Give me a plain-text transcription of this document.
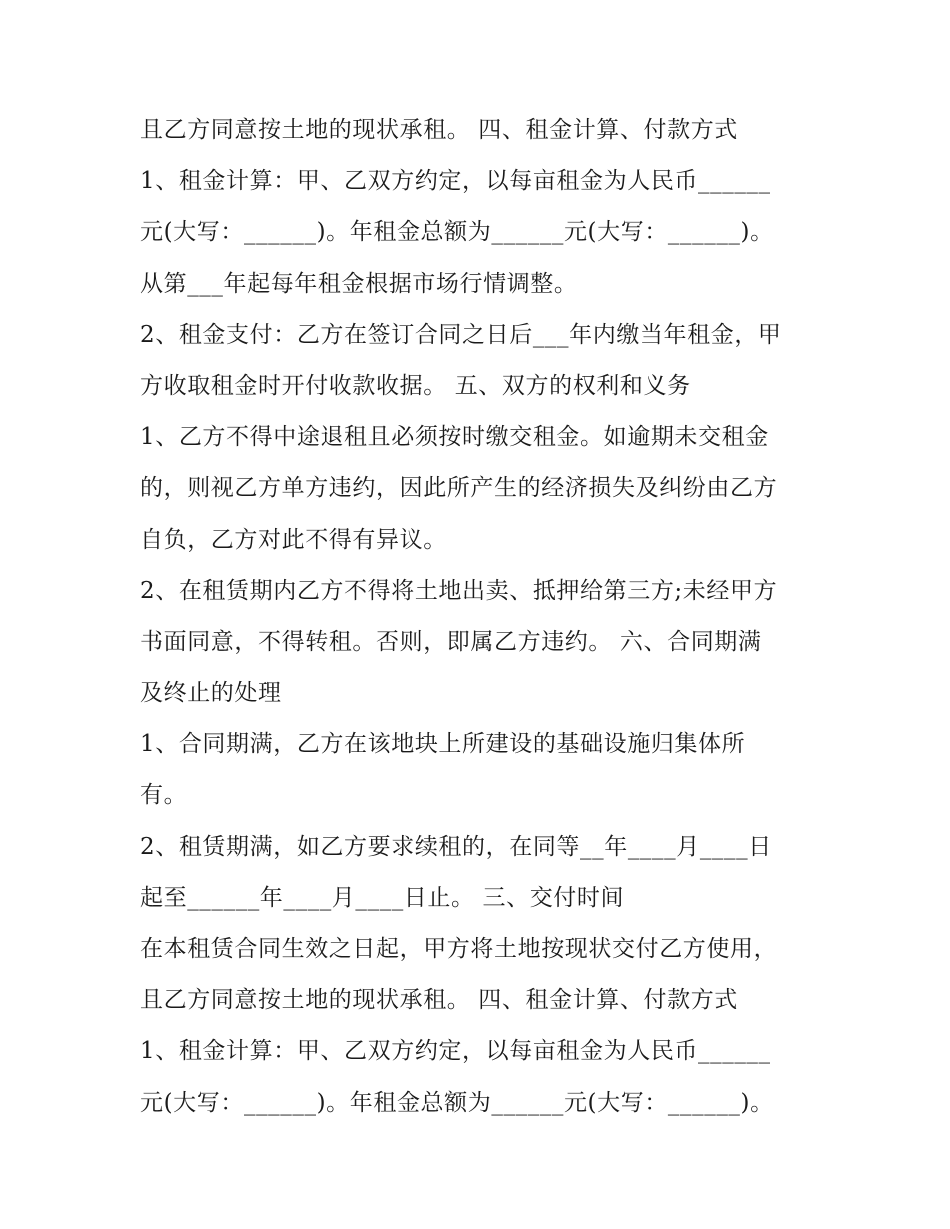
且乙方同意按土地的现状承租。 四、租金计算、付款方式
1、租金计算：甲、乙双方约定，以每亩租金为人民币______
元(大写：______)。年租金总额为______元(大写：______)。
从第___年起每年租金根据市场行情调整。
2、租金支付：乙方在签订合同之日后___年内缴当年租金，甲
方收取租金时开付收款收据。 五、双方的权利和义务
1、乙方不得中途退租且必须按时缴交租金。如逾期未交租金
的，则视乙方单方违约，因此所产生的经济损失及纠纷由乙方
自负，乙方对此不得有异议。
2、在租赁期内乙方不得将土地出卖、抵押给第三方;未经甲方
书面同意，不得转租。否则，即属乙方违约。 六、合同期满
及终止的处理
1、合同期满，乙方在该地块上所建设的基础设施归集体所
有。
2、租赁期满，如乙方要求续租的，在同等__年____月____日
起至______年____月____日止。 三、交付时间
在本租赁合同生效之日起，甲方将土地按现状交付乙方使用，
且乙方同意按土地的现状承租。 四、租金计算、付款方式
1、租金计算：甲、乙双方约定，以每亩租金为人民币______
元(大写：______)。年租金总额为______元(大写：______)。
